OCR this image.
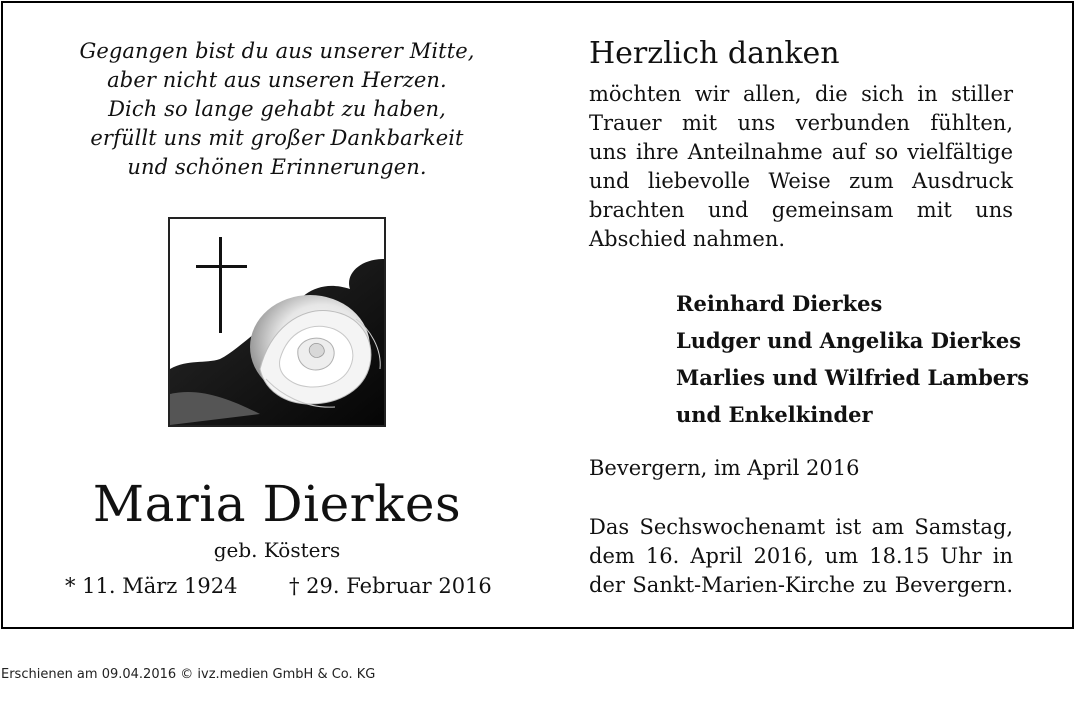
Gegangen bist du aus unserer Mitte,
aber nicht aus unseren Herzen.
Dich so lange gehabt zu haben,
erfüllt uns mit großer Dankbarkeit
und schönen Erinnerungen.
Maria Dierkes
geb. Kösters
* 11. März 1924 † 29. Februar 2016
Herzlich danken
möchten wir allen, die sich in stiller
Trauer mit uns verbunden fühlten,
uns ihre Anteilnahme auf so vielfältige
und liebevolle Weise zum Ausdruck
brachten und gemeinsam mit uns
Abschied nahmen.
Reinhard Dierkes
Ludger und Angelika Dierkes
Marlies und Wilfried Lambers
und Enkelkinder
Bevergern, im April 2016
Das Sechswochenamt ist am Samstag,
dem 16. April 2016, um 18.15 Uhr in
der Sankt-Marien-Kirche zu Bevergern.
Erschienen am 09.04.2016 © ivz.medien GmbH & Co. KG
